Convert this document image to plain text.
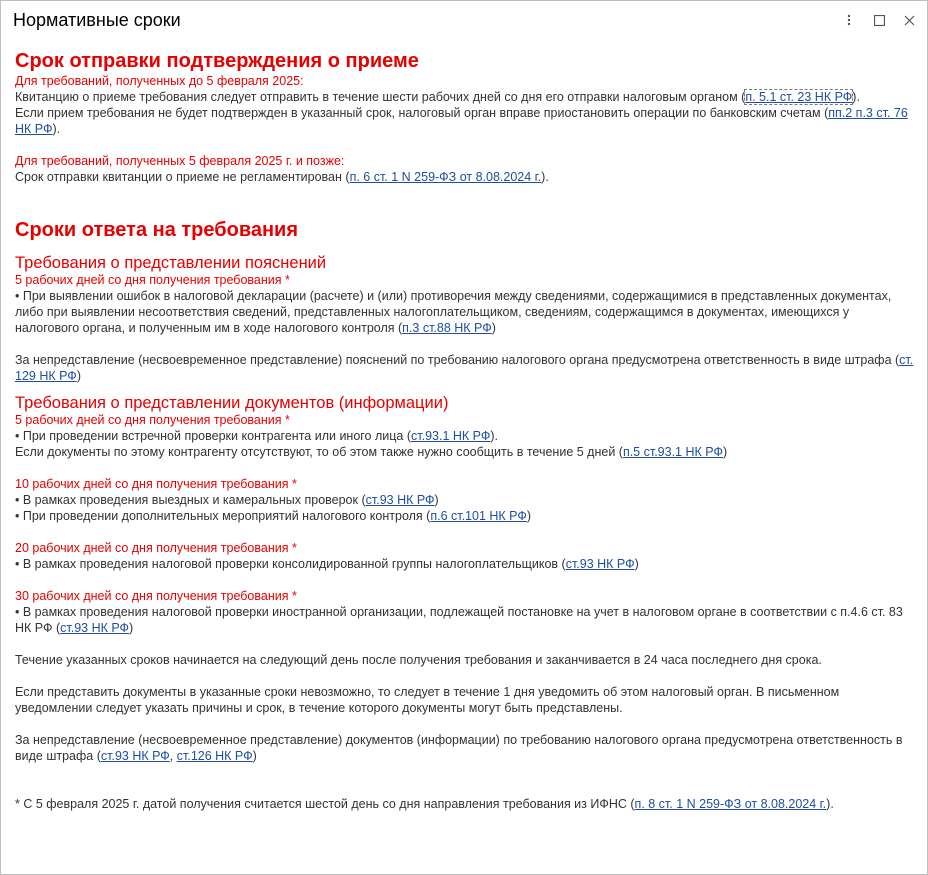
Нормативные сроки
Срок отправки подтверждения о приеме
Для требований, полученных до 5 февраля 2025:
Квитанцию о приеме требования следует отправить в течение шести рабочих дней со дня его отправки налоговым органом (п. 5.1 ст. 23 НК РФ).
Если прием требования не будет подтвержден в указанный срок, налоговый орган вправе приостановить операции по банковским счетам (пп.2 п.3 ст. 76 НК РФ).
Для требований, полученных 5 февраля 2025 г. и позже:
Срок отправки квитанции о приеме не регламентирован (п. 6 ст. 1 N 259-ФЗ от 8.08.2024 г.).
Сроки ответа на требования
Требования о представлении пояснений
5 рабочих дней со дня получения требования *
• При выявлении ошибок в налоговой декларации (расчете) и (или) противоречия между сведениями, содержащимися в представленных документах, либо при выявлении несоответствия сведений, представленных налогоплательщиком, сведениям, содержащимся в документах, имеющихся у налогового органа, и полученным им в ходе налогового контроля (п.3 ст.88 НК РФ)
За непредставление (несвоевременное представление) пояснений по требованию налогового органа предусмотрена ответственность в виде штрафа (ст. 129 НК РФ)
Требования о представлении документов (информации)
5 рабочих дней со дня получения требования *
• При проведении встречной проверки контрагента или иного лица (ст.93.1 НК РФ).
Если документы по этому контрагенту отсутствуют, то об этом также нужно сообщить в течение 5 дней (п.5 ст.93.1 НК РФ)
10 рабочих дней со дня получения требования *
• В рамках проведения выездных и камеральных проверок (ст.93 НК РФ)
• При проведении дополнительных мероприятий налогового контроля (п.6 ст.101 НК РФ)
20 рабочих дней со дня получения требования *
• В рамках проведения налоговой проверки консолидированной группы налогоплательщиков (ст.93 НК РФ)
30 рабочих дней со дня получения требования *
• В рамках проведения налоговой проверки иностранной организации, подлежащей постановке на учет в налоговом органе в соответствии с п.4.6 ст. 83 НК РФ (ст.93 НК РФ)
Течение указанных сроков начинается на следующий день после получения требования и заканчивается в 24 часа последнего дня срока.
Если представить документы в указанные сроки невозможно, то следует в течение 1 дня уведомить об этом налоговый орган. В письменном уведомлении следует указать причины и срок, в течение которого документы могут быть представлены.
За непредставление (несвоевременное представление) документов (информации) по требованию налогового органа предусмотрена ответственность в виде штрафа (ст.93 НК РФ, ст.126 НК РФ)
* С 5 февраля 2025 г. датой получения считается шестой день со дня направления требования из ИФНС (п. 8 ст. 1 N 259-ФЗ от 8.08.2024 г.).
